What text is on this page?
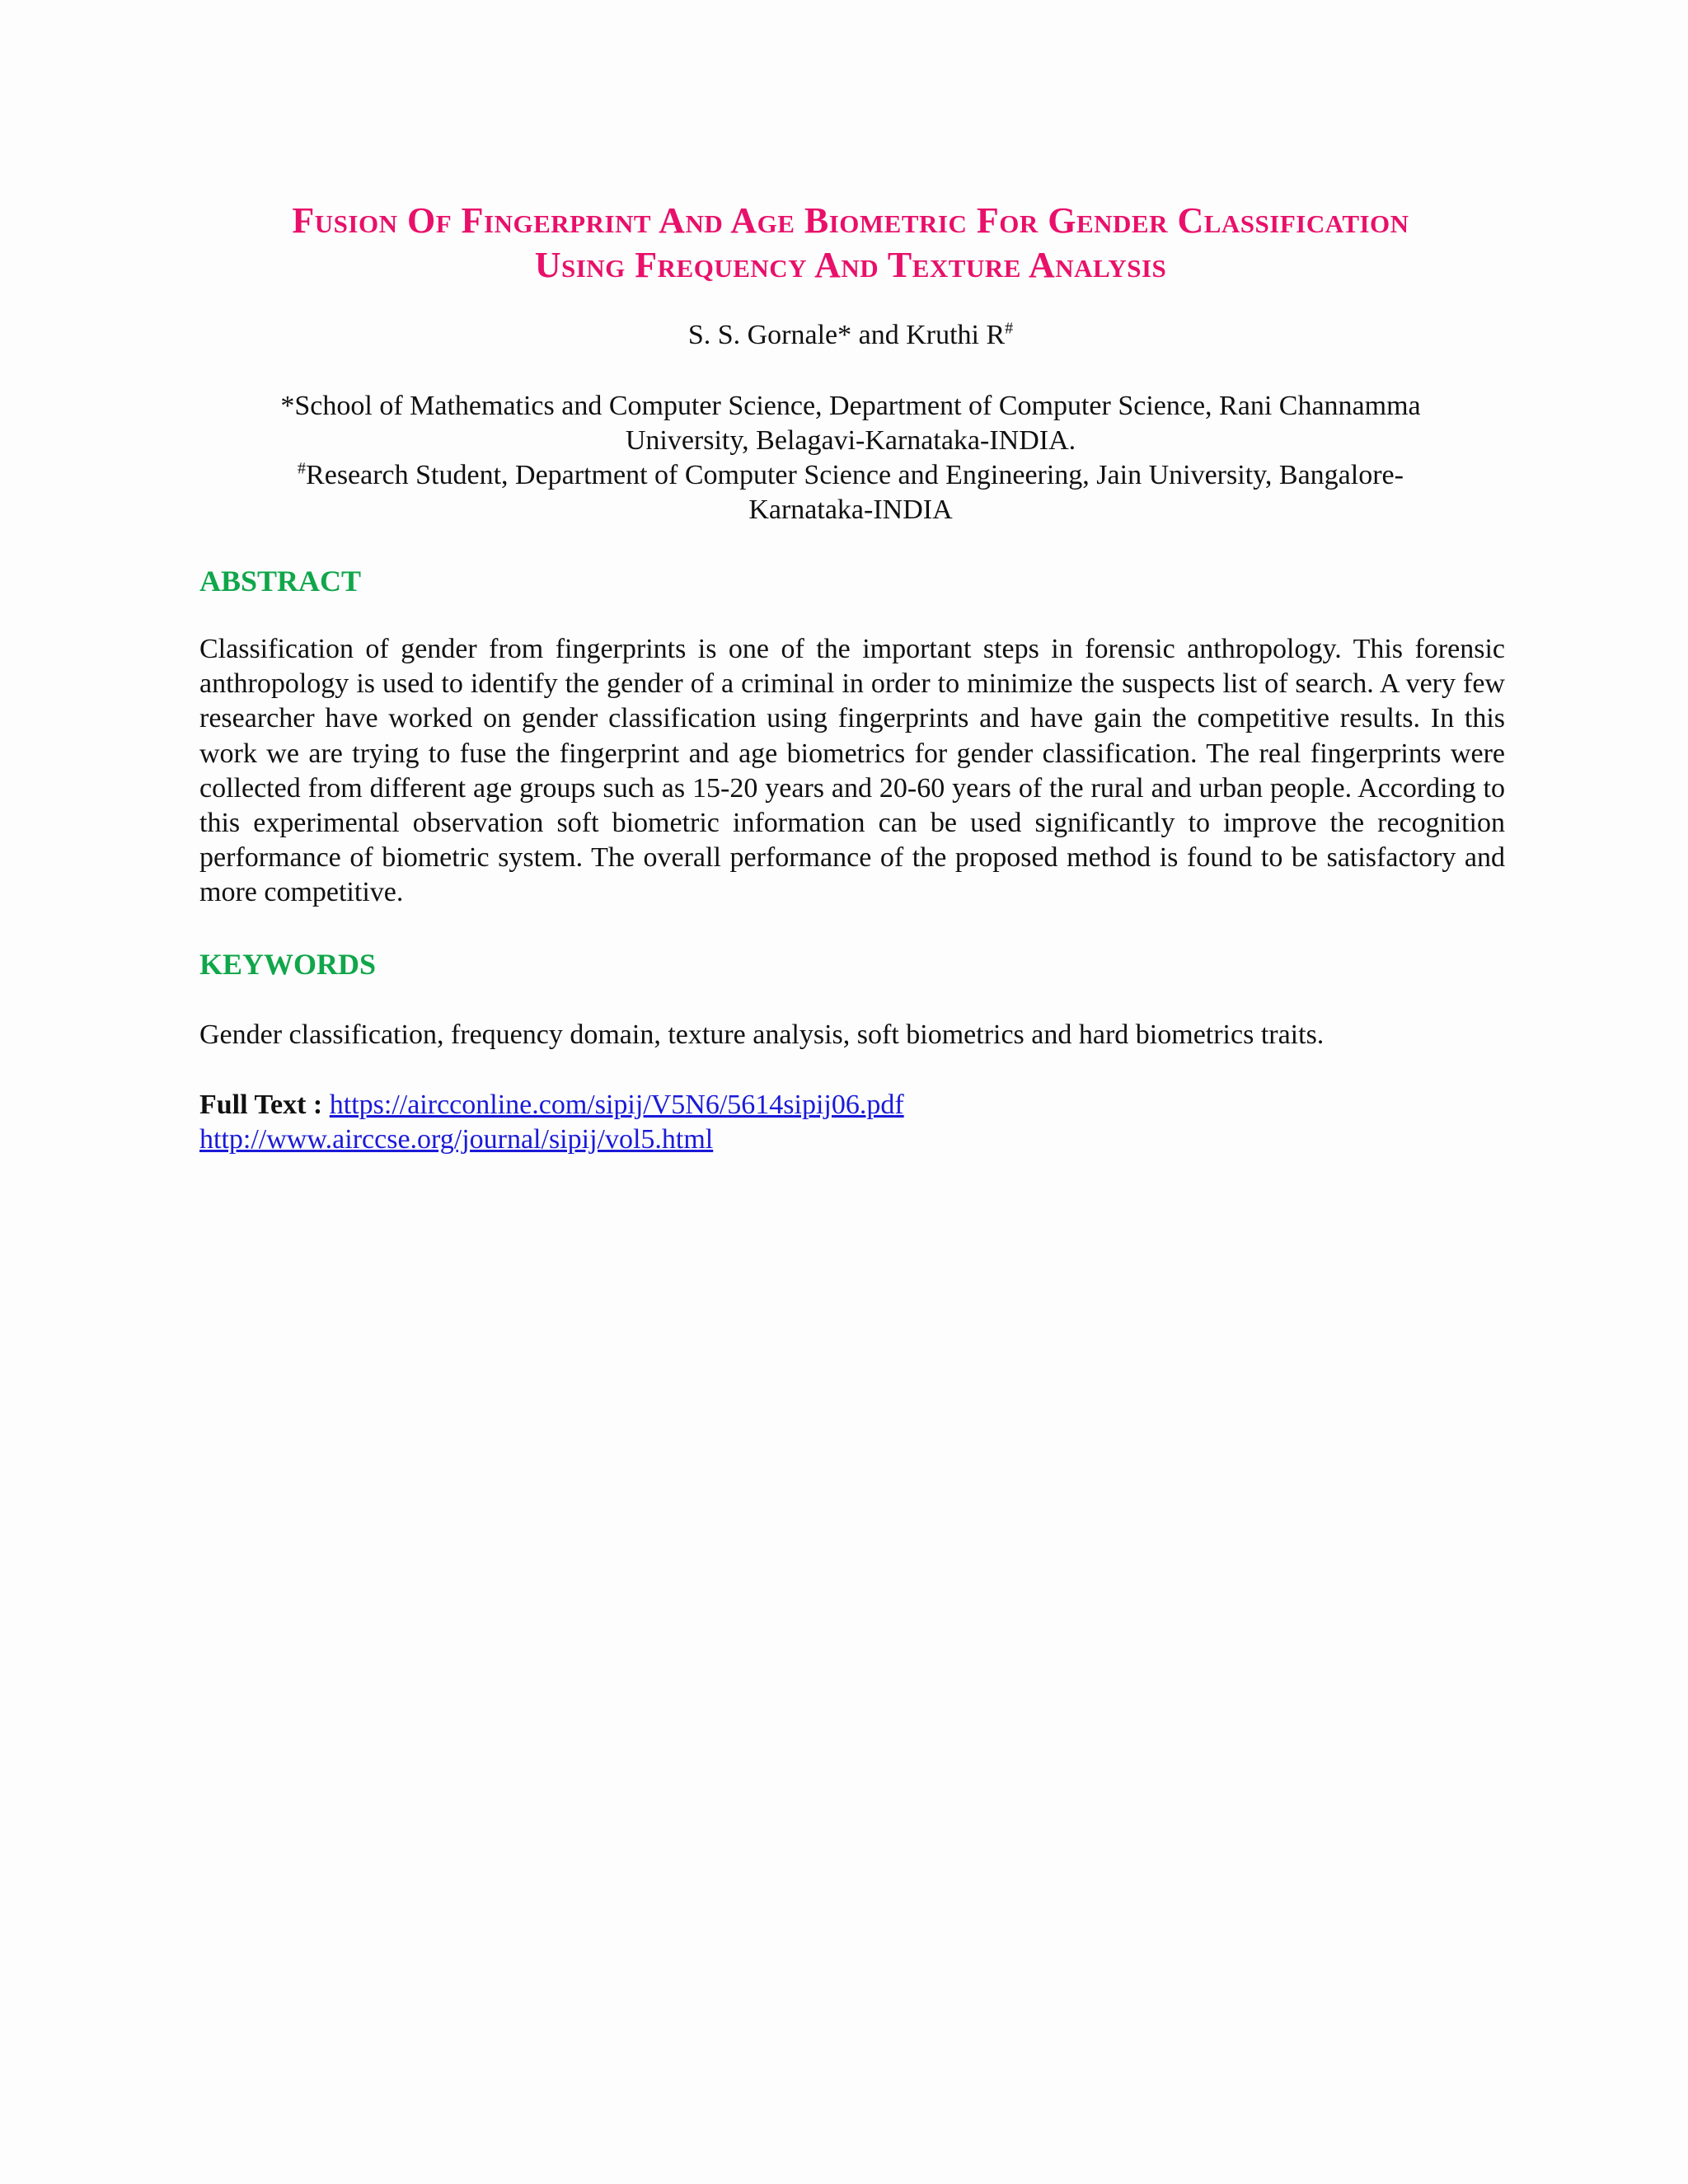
Fusion Of Fingerprint And Age Biometric For Gender Classification
Using Frequency And Texture Analysis
S. S. Gornale* and Kruthi R#
*School of Mathematics and Computer Science, Department of Computer Science, Rani Channamma
University, Belagavi-Karnataka-INDIA.
#Research Student, Department of Computer Science and Engineering, Jain University, Bangalore-
Karnataka-INDIA
ABSTRACT
Classification of gender from fingerprints is one of the important steps in forensic anthropology. This forensic anthropology is used to identify the gender of a criminal in order to minimize the suspects list of search. A very few researcher have worked on gender classification using fingerprints and have gain the competitive results. In this work we are trying to fuse the fingerprint and age biometrics for gender classification. The real fingerprints were collected from different age groups such as 15-20 years and 20-60 years of the rural and urban people. According to this experimental observation soft biometric information can be used significantly to improve the recognition performance of biometric system. The overall performance of the proposed method is found to be satisfactory and more competitive.
KEYWORDS
Gender classification, frequency domain, texture analysis, soft biometrics and hard biometrics traits.
Full Text : https://aircconline.com/sipij/V5N6/5614sipij06.pdf
http://www.airccse.org/journal/sipij/vol5.html
